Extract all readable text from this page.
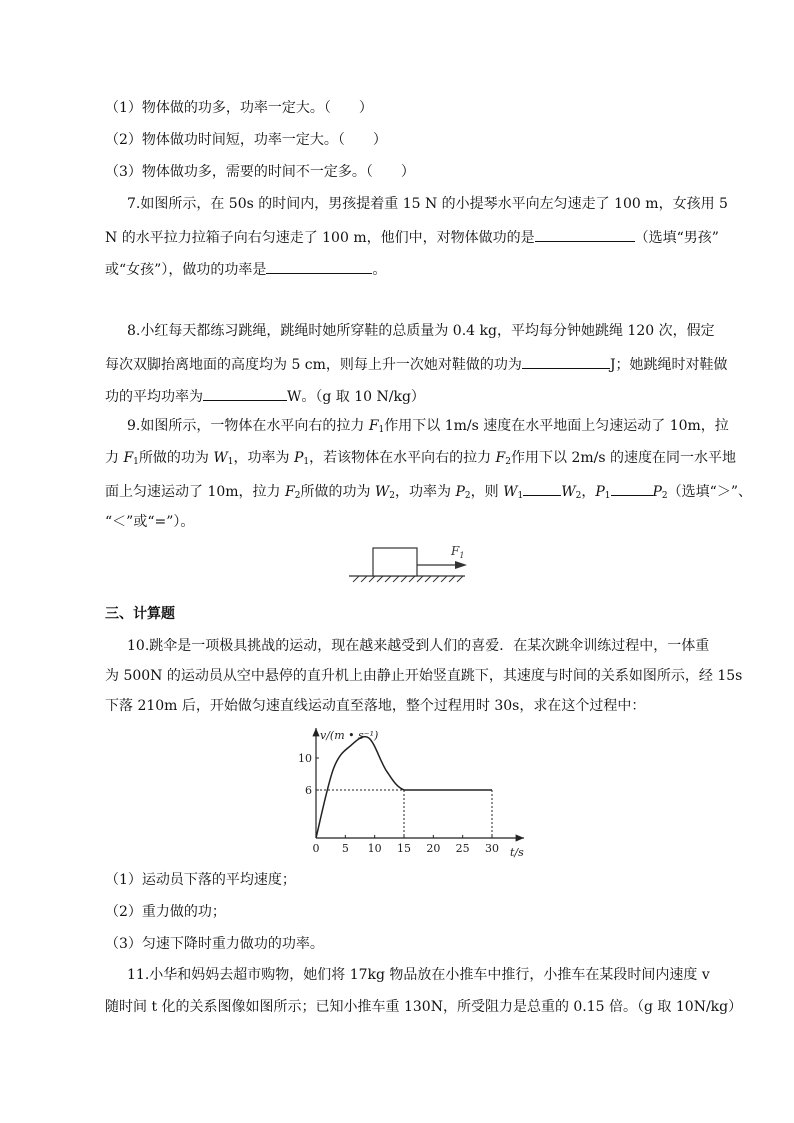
（1）物体做的功多，功率一定大。（　　）
（2）物体做功时间短，功率一定大。（　　）
（3）物体做功多，需要的时间不一定多。（　　）
7.如图所示，在 50s 的时间内，男孩提着重 15 N 的小提琴水平向左匀速走了 100 m，女孩用 5
N 的水平拉力拉箱子向右匀速走了 100 m，他们中，对物体做功的是	（选填“男孩”
或“女孩”），做功的功率是	。
8.小红每天都练习跳绳，跳绳时她所穿鞋的总质量为 0.4 kg，平均每分钟她跳绳 120 次，假定
每次双脚抬离地面的高度均为 5 cm，则每上升一次她对鞋做的功为	J；她跳绳时对鞋做
功的平均功率为	W。（g 取 10 N/kg）
9.如图所示，一物体在水平向右的拉力 $F_1$作用下以 1m/s 速度在水平地面上匀速运动了 10m，拉
力 $F_1$所做的功为 $W_1$，功率为 $P_1$，若该物体在水平向右的拉力 $F_2$作用下以 2m/s 的速度在同一水平地
面上匀速运动了 10m，拉力 $F_2$所做的功为 $W_2$，功率为 $P_2$，则 $W_1$	$W_2$，$P_1$	$P_2$（选填“＞”、
“＜”或“=”）。
$F_1$
三、计算题
10.跳伞是一项极具挑战的运动，现在越来越受到人们的喜爱．在某次跳伞训练过程中，一体重
为 500N 的运动员从空中悬停的直升机上由静止开始竖直跳下，其速度与时间的关系如图所示，经 15s
下落 210m 后，开始做匀速直线运动直至落地，整个过程用时 30s，求在这个过程中：
v/(m • s⁻¹)
t/s
0 5 10 15 20 25 30
6
10
（1）运动员下落的平均速度；
（2）重力做的功；
（3）匀速下降时重力做功的功率。
11.小华和妈妈去超市购物，她们将 17kg 物品放在小推车中推行，小推车在某段时间内速度 v
随时间 t 化的关系图像如图所示；已知小推车重 130N，所受阻力是总重的 0.15 倍。（g 取 10N/kg）
